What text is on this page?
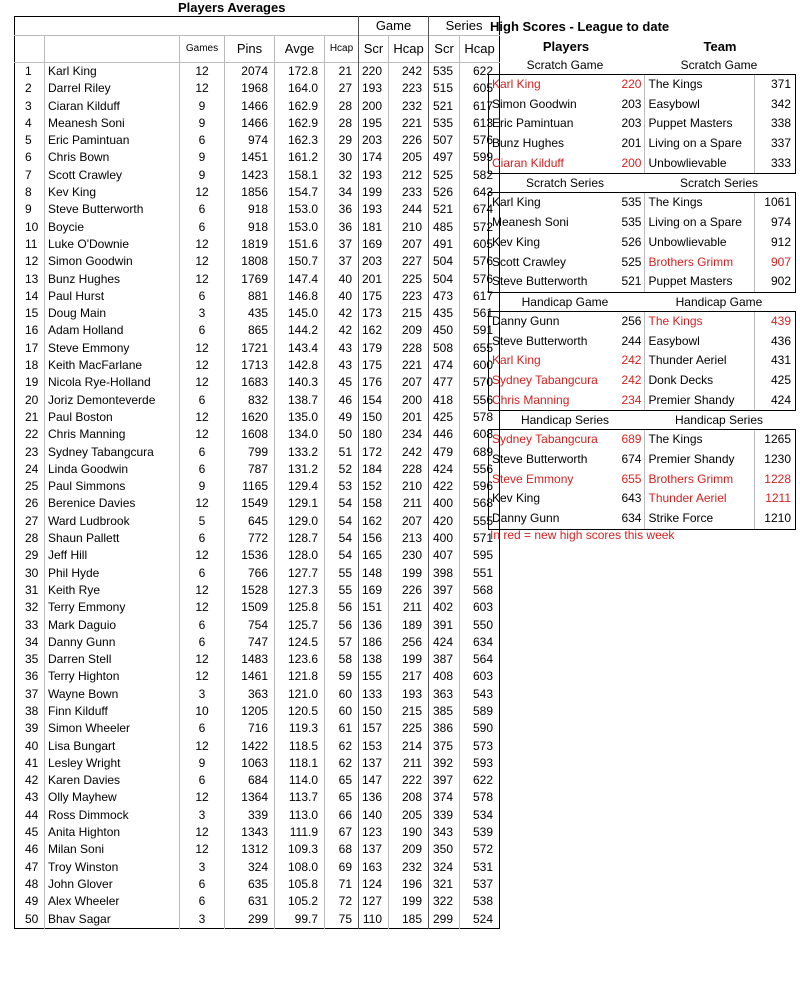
Players Averages
High Scores - League to date
						Game		Series	
		Games	Pins	Avge	Hcap	Scr	Hcap	Scr	Hcap
1	Karl King	12	2074	172.8	21	220	242	535	622
2	Darrel Riley	12	1968	164.0	27	193	223	515	605
3	Ciaran Kilduff	9	1466	162.9	28	200	232	521	617
4	Meanesh Soni	9	1466	162.9	28	195	221	535	613
5	Eric Pamintuan	6	974	162.3	29	203	226	507	576
6	Chris Bown	9	1451	161.2	30	174	205	497	599
7	Scott Crawley	9	1423	158.1	32	193	212	525	582
8	Kev King	12	1856	154.7	34	199	233	526	643
9	Steve Butterworth	6	918	153.0	36	193	244	521	674
10	Boycie	6	918	153.0	36	181	210	485	572
11	Luke O'Downie	12	1819	151.6	37	169	207	491	605
12	Simon Goodwin	12	1808	150.7	37	203	227	504	576
13	Bunz Hughes	12	1769	147.4	40	201	225	504	576
14	Paul Hurst	6	881	146.8	40	175	223	473	617
15	Doug Main	3	435	145.0	42	173	215	435	561
16	Adam Holland	6	865	144.2	42	162	209	450	591
17	Steve Emmony	12	1721	143.4	43	179	228	508	655
18	Keith MacFarlane	12	1713	142.8	43	175	221	474	600
19	Nicola Rye-Holland	12	1683	140.3	45	176	207	477	570
20	Joriz Demonteverde	6	832	138.7	46	154	200	418	556
21	Paul Boston	12	1620	135.0	49	150	201	425	578
22	Chris Manning	12	1608	134.0	50	180	234	446	608
23	Sydney Tabangcura	6	799	133.2	51	172	242	479	689
24	Linda Goodwin	6	787	131.2	52	184	228	424	556
25	Paul Simmons	9	1165	129.4	53	152	210	422	596
26	Berenice Davies	12	1549	129.1	54	158	211	400	568
27	Ward Ludbrook	5	645	129.0	54	162	207	420	555
28	Shaun Pallett	6	772	128.7	54	156	213	400	571
29	Jeff Hill	12	1536	128.0	54	165	230	407	595
30	Phil Hyde	6	766	127.7	55	148	199	398	551
31	Keith Rye	12	1528	127.3	55	169	226	397	568
32	Terry Emmony	12	1509	125.8	56	151	211	402	603
33	Mark Daguio	6	754	125.7	56	136	189	391	550
34	Danny Gunn	6	747	124.5	57	186	256	424	634
35	Darren Stell	12	1483	123.6	58	138	199	387	564
36	Terry Highton	12	1461	121.8	59	155	217	408	603
37	Wayne Bown	3	363	121.0	60	133	193	363	543
38	Finn Kilduff	10	1205	120.5	60	150	215	385	589
39	Simon Wheeler	6	716	119.3	61	157	225	386	590
40	Lisa Bungart	12	1422	118.5	62	153	214	375	573
41	Lesley Wright	9	1063	118.1	62	137	211	392	593
42	Karen Davies	6	684	114.0	65	147	222	397	622
43	Olly Mayhew	12	1364	113.7	65	136	208	374	578
44	Ross Dimmock	3	339	113.0	66	140	205	339	534
45	Anita Highton	12	1343	111.9	67	123	190	343	539
46	Milan Soni	12	1312	109.3	68	137	209	350	572
47	Troy Winston	3	324	108.0	69	163	232	324	531
48	John Glover	6	635	105.8	71	124	196	321	537
49	Alex Wheeler	6	631	105.2	72	127	199	322	538
50	Bhav Sagar	3	299	99.7	75	110	185	299	524
Players	Team
Scratch Game	Scratch Game
Karl King	220 The Kings	371
Simon Goodwin	203 Easybowl	342
Eric Pamintuan	203 Puppet Masters	338
Bunz Hughes	201 Living on a Spare	337
Ciaran Kilduff	200 Unbowlievable	333
Scratch Series	Scratch Series
Karl King	535 The Kings	1061
Meanesh Soni	535 Living on a Spare	974
Kev King	526 Unbowlievable	912
Scott Crawley	525 Brothers Grimm	907
Steve Butterworth	521 Puppet Masters	902
Handicap Game	Handicap Game
Danny Gunn	256 The Kings	439
Steve Butterworth	244 Easybowl	436
Karl King	242 Thunder Aeriel	431
Sydney Tabangcura	242 Donk Decks	425
Chris Manning	234 Premier Shandy	424
Handicap Series	Handicap Series
Sydney Tabangcura	689 The Kings	1265
Steve Butterworth	674 Premier Shandy	1230
Steve Emmony	655 Brothers Grimm	1228
Kev King	643 Thunder Aeriel	1211
Danny Gunn	634 Strike Force	1210
In red = new high scores this week
